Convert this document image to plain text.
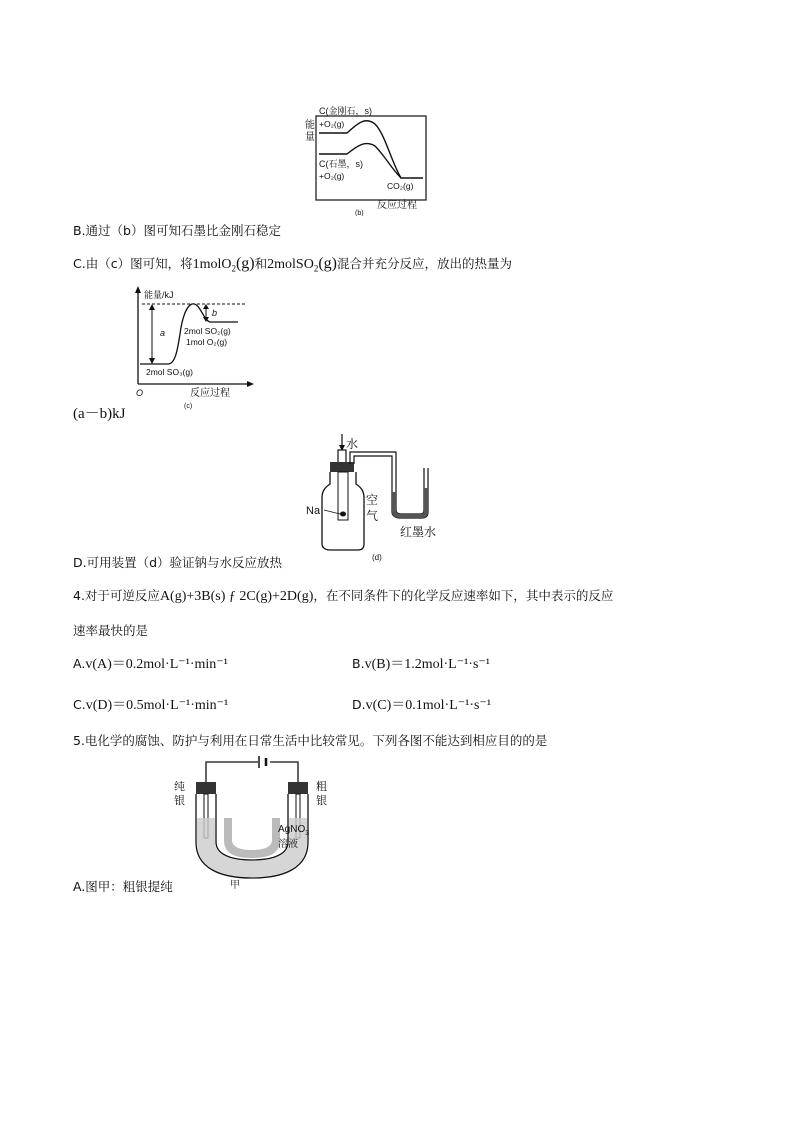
C(金刚石，s)
+O₂(g)
能
量
C(石墨，s)
+O₂(g)
CO₂(g)
反应过程
(b)
B.通过（b）图可知石墨比金刚石稳定
C.由（c）图可知，将1molO$_2$(g)和2molSO$_2$(g)混合并充分反应，放出的热量为
能量/kJ
a
b
2mol SO₂(g)
1mol O₂(g)
2mol SO₃(g)
O	反应过程
(c)
(a－b)kJ
水
Na
空
气
红墨水
(d)
D.可用装置（d）验证钠与水反应放热
4.对于可逆反应A(g)+3B(s) ƒ 2C(g)+2D(g)，在不同条件下的化学反应速率如下，其中表示的反应
速率最快的是
A.v(A)＝0.2mol·L⁻¹·min⁻¹	B.v(B)＝1.2mol·L⁻¹·s⁻¹
C.v(D)＝0.5mol·L⁻¹·min⁻¹	D.v(C)＝0.1mol·L⁻¹·s⁻¹
5.电化学的腐蚀、防护与利用在日常生活中比较常见。下列各图不能达到相应目的的是
纯
银
粗
银
AgNO$_3$
溶液
甲
A.图甲：粗银提纯
